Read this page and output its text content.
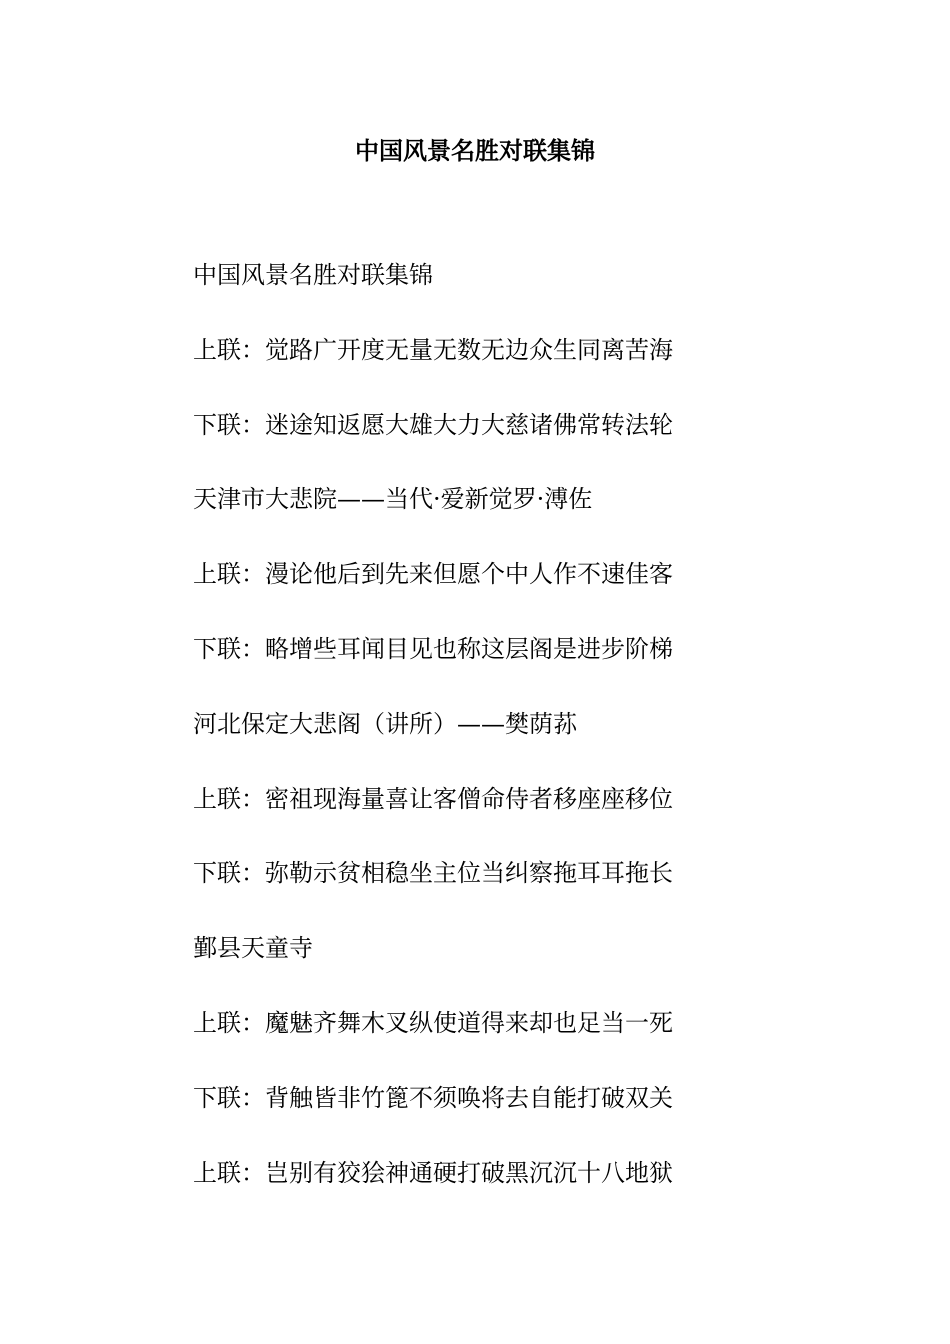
中国风景名胜对联集锦
中国风景名胜对联集锦
上联：觉路广开度无量无数无边众生同离苦海
下联：迷途知返愿大雄大力大慈诸佛常转法轮
天津市大悲院——当代·爱新觉罗·溥佐
上联：漫论他后到先来但愿个中人作不速佳客
下联：略增些耳闻目见也称这层阁是进步阶梯
河北保定大悲阁（讲所）——樊荫荪
上联：密祖现海量喜让客僧命侍者移座座移位
下联：弥勒示贫相稳坐主位当纠察拖耳耳拖长
鄞县天童寺
上联：魔魅齐舞木叉纵使道得来却也足当一死
下联：背触皆非竹篦不须唤将去自能打破双关
上联：岂别有狡狯神通硬打破黑沉沉十八地狱
